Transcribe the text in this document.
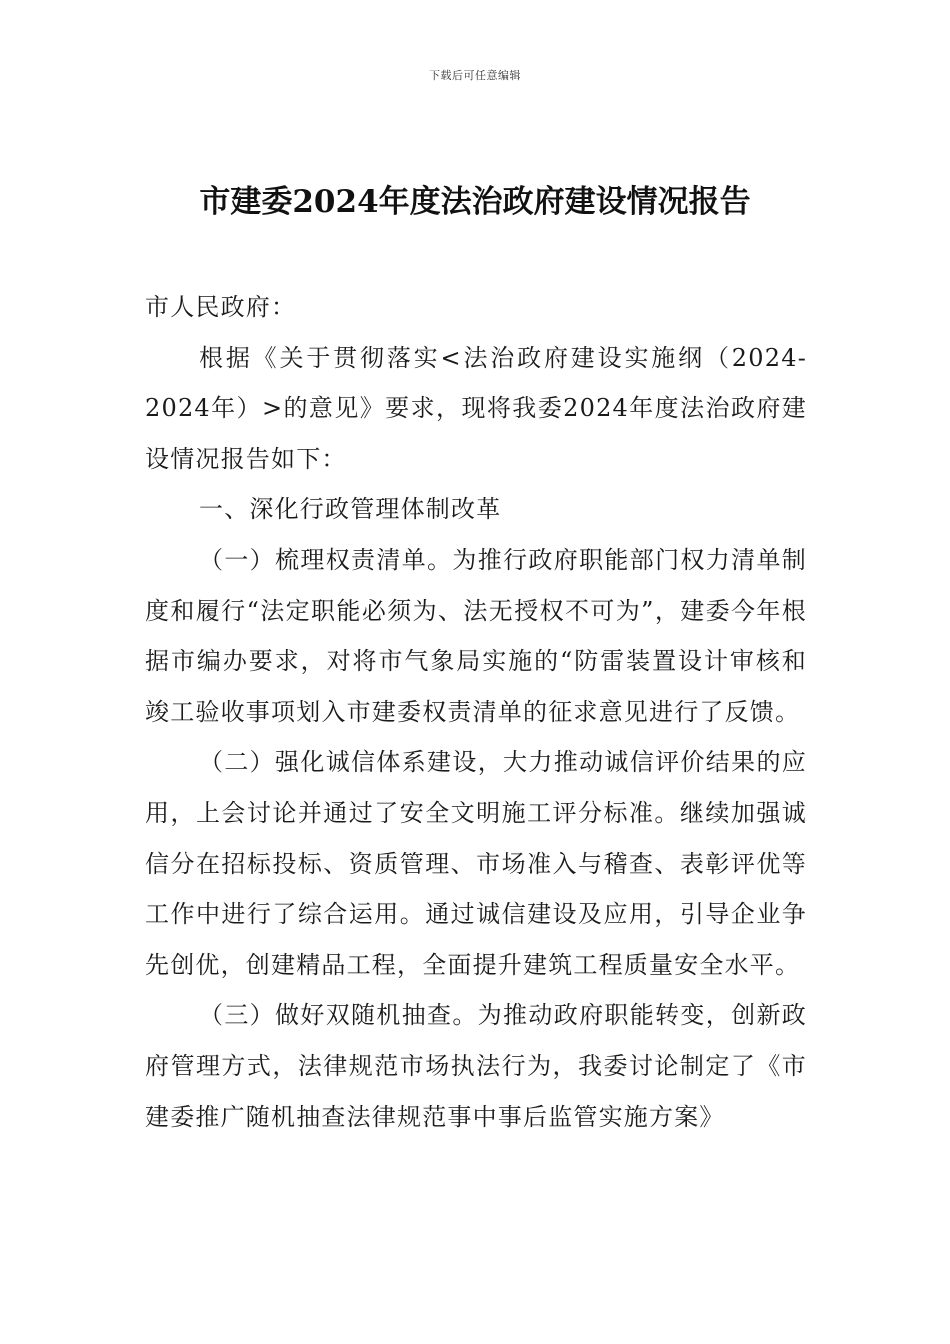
下载后可任意编辑
市建委2024年度法治政府建设情况报告

市人民政府：

根据《关于贯彻落实<法治政府建设实施纲（2024-2024年）>的意见》要求，现将我委2024年度法治政府建设情况报告如下：

一、深化行政管理体制改革

（一）梳理权责清单。为推行政府职能部门权力清单制度和履行“法定职能必须为、法无授权不可为”，建委今年根据市编办要求，对将市气象局实施的“防雷装置设计审核和竣工验收事项划入市建委权责清单的征求意见进行了反馈。

（二）强化诚信体系建设，大力推动诚信评价结果的应用，上会讨论并通过了安全文明施工评分标准。继续加强诚信分在招标投标、资质管理、市场准入与稽查、表彰评优等工作中进行了综合运用。通过诚信建设及应用，引导企业争先创优，创建精品工程，全面提升建筑工程质量安全水平。

（三）做好双随机抽查。为推动政府职能转变，创新政府管理方式，法律规范市场执法行为，我委讨论制定了《市建委推广随机抽查法律规范事中事后监管实施方案》
